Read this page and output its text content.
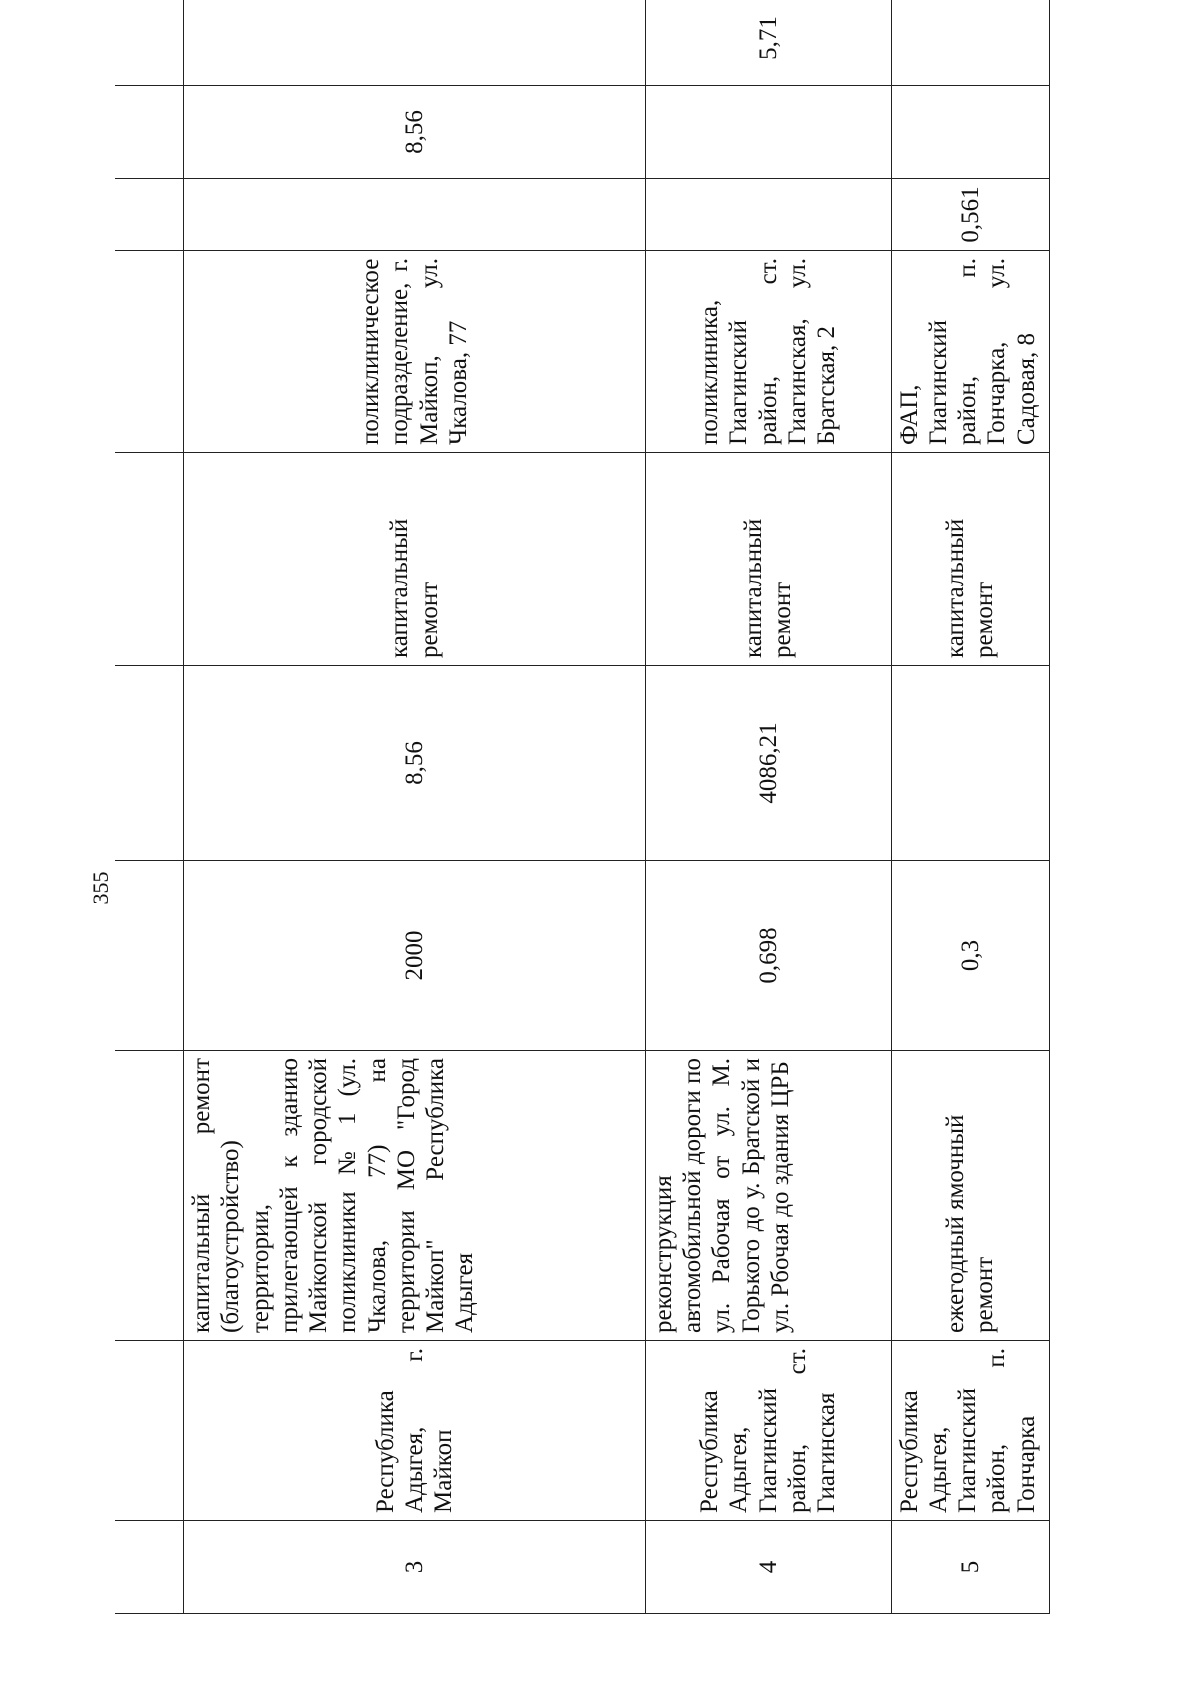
355

3	Республика Адыгея, г. Майкоп	капитальный ремонт (благоустройство) территории, прилегающей к зданию Майкопской городской поликлиники № 1 (ул. Чкалова, 77) на территории МО "Город Майкоп" Республика Адыгея	2000	8,56	капитальный ремонт	поликлиническое подразделение, г. Майкоп, ул. Чкалова, 77		8,56	
4	Республика Адыгея, Гиагинский район, ст. Гиагинская	реконструкция автомобильной дороги по ул. Рабочая от ул. М. Горького до у. Братской и ул. Рбочая до здания ЦРБ	0,698	4086,21	капитальный ремонт	поликлиника, Гиагинский район, ст. Гиагинская, ул. Братская, 2			5,71
5	Республика Адыгея, Гиагинский район, п. Гончарка	ежегодный ямочный ремонт	0,3		капитальный ремонт	ФАП, Гиагинский район, п. Гончарка, ул. Садовая, 8	0,561		
